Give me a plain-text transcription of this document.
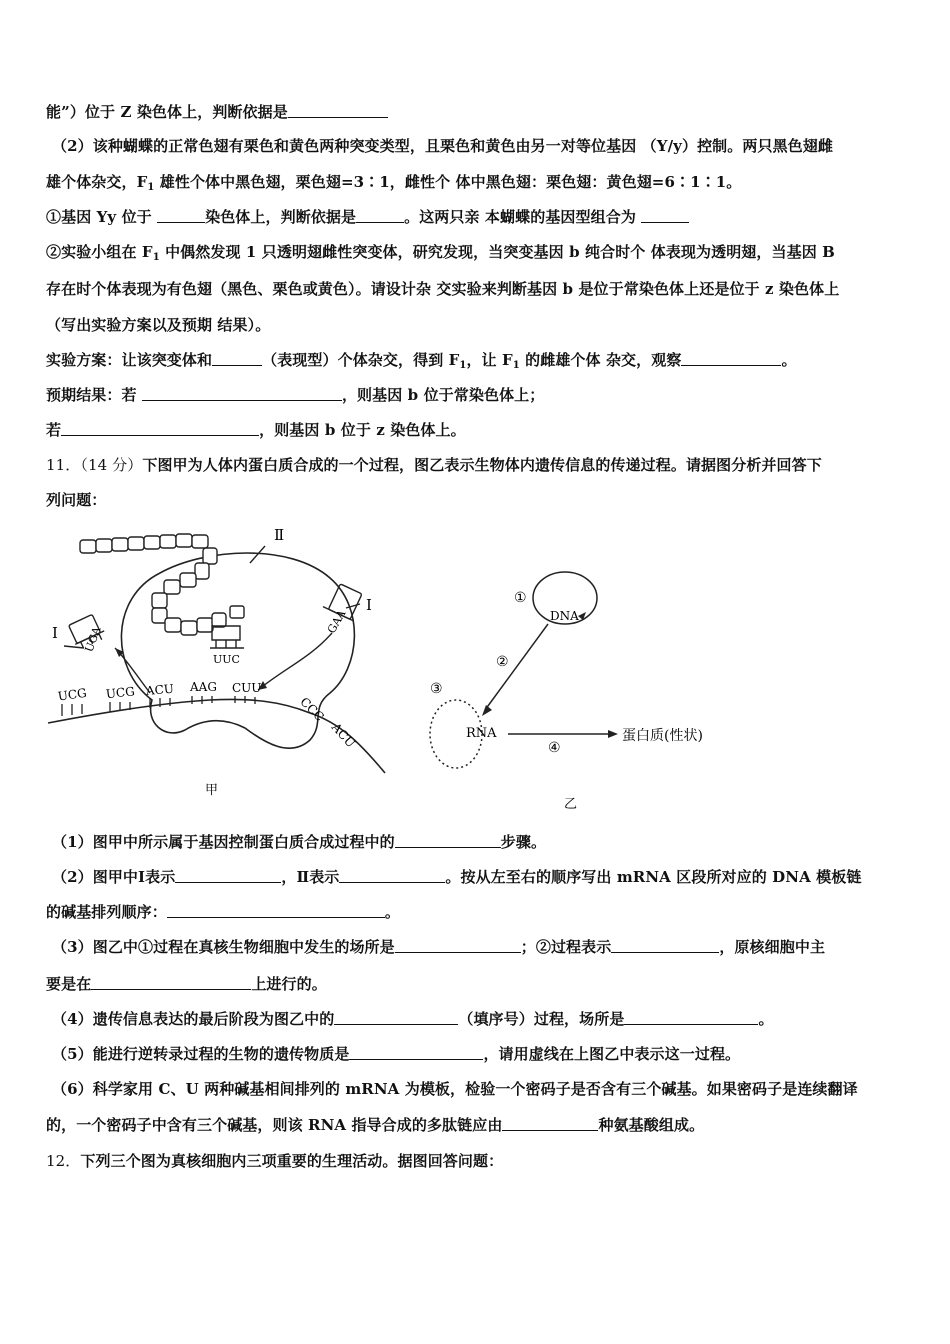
能”）位于 Z 染色体上，判断依据是
（2）该种蝴蝶的正常色翅有栗色和黄色两种突变类型，且栗色和黄色由另一对等位基因 （Y/y）控制。两只黑色翅雌
雄个体杂交，$F_1$ 雄性个体中黑色翅，栗色翅=3∶1，雌性个 体中黑色翅：栗色翅：黄色翅=6∶1∶1。
①基因 Yy 位于	染色体上，判断依据是	。这两只亲 本蝴蝶的基因型组合为
②实验小组在 $F_1$ 中偶然发现 1 只透明翅雌性突变体，研究发现，当突变基因 b 纯合时个 体表现为透明翅，当基因 B
存在时个体表现为有色翅（黑色、栗色或黄色）。请设计杂 交实验来判断基因 b 是位于常染色体上还是位于 z 染色体上
（写出实验方案以及预期 结果）。
实验方案：让该突变体和	（表现型）个体杂交，得到 $F_1$，让 $F_1$ 的雌雄个体 杂交，观察	。
预期结果：若	，则基因 b 位于常染色体上；
若	，则基因 b 位于 z 染色体上。
11．（14 分）下图甲为人体内蛋白质合成的一个过程，图乙表示生物体内遗传信息的传递过程。请据图分析并回答下
列问题：
Ⅱ
Ⅰ
Ⅰ
UGA
UUC
GAA
UCG UCG ACU AAG CUU
CCC
ACU
甲
DNA
①
②
③
RNA
④
蛋白质(性状)
乙
（1）图甲中所示属于基因控制蛋白质合成过程中的	步骤。
（2）图甲中Ⅰ表示	，Ⅱ表示	。按从左至右的顺序写出 mRNA 区段所对应的 DNA 模板链
的碱基排列顺序：	。
（3）图乙中①过程在真核生物细胞中发生的场所是	；②过程表示	，原核细胞中主
要是在	上进行的。
（4）遗传信息表达的最后阶段为图乙中的	（填序号）过程，场所是	。
（5）能进行逆转录过程的生物的遗传物质是	，请用虚线在上图乙中表示这一过程。
（6）科学家用 C、U 两种碱基相间排列的 mRNA 为模板，检验一个密码子是否含有三个碱基。如果密码子是连续翻译
的，一个密码子中含有三个碱基，则该 RNA 指导合成的多肽链应由	种氨基酸组成。
12．下列三个图为真核细胞内三项重要的生理活动。据图回答问题：
